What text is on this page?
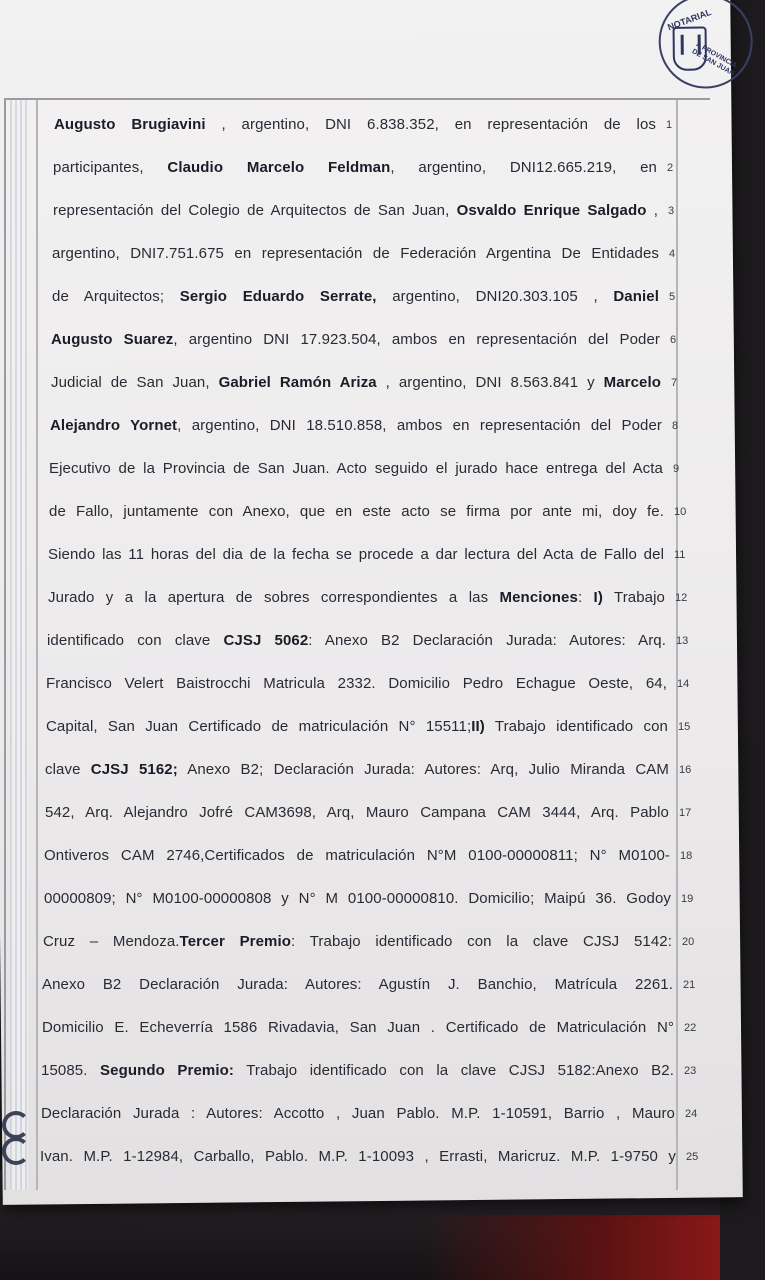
NOTARIAL
A PROVINCIA DE SAN JUAN
Augusto Brugiavini , argentino, DNI 6.838.352, en representación de los 1
participantes, Claudio Marcelo Feldman, argentino, DNI12.665.219, en 2
representación del Colegio de Arquitectos de San Juan, Osvaldo Enrique Salgado , 3
argentino, DNI7.751.675 en representación de Federación Argentina De Entidades 4
de Arquitectos; Sergio Eduardo Serrate, argentino, DNI20.303.105 , Daniel 5
Augusto Suarez, argentino DNI 17.923.504, ambos en representación del Poder 6
Judicial de San Juan, Gabriel Ramón Ariza , argentino, DNI 8.563.841 y Marcelo 7
Alejandro Yornet, argentino, DNI 18.510.858, ambos en representación del Poder 8
Ejecutivo de la Provincia de San Juan. Acto seguido el jurado hace entrega del Acta 9
de Fallo, juntamente con Anexo, que en este acto se firma por ante mi, doy fe. 10
Siendo las 11 horas del dia de la fecha se procede a dar lectura del Acta de Fallo del 11
Jurado y a la apertura de sobres correspondientes a las Menciones: I) Trabajo 12
identificado con clave CJSJ 5062: Anexo B2 Declaración Jurada: Autores: Arq. 13
Francisco Velert Baistrocchi Matricula 2332. Domicilio Pedro Echague Oeste, 64, 14
Capital, San Juan Certificado de matriculación N° 15511;II) Trabajo identificado con 15
clave CJSJ 5162; Anexo B2; Declaración Jurada: Autores: Arq, Julio Miranda CAM 16
542, Arq. Alejandro Jofré CAM3698, Arq, Mauro Campana CAM 3444, Arq. Pablo 17
Ontiveros CAM 2746,Certificados de matriculación N°M 0100-00000811; N° M0100- 18
00000809; N° M0100-00000808 y N° M 0100-00000810. Domicilio; Maipú 36. Godoy 19
Cruz – Mendoza.Tercer Premio: Trabajo identificado con la clave CJSJ 5142: 20
Anexo B2 Declaración Jurada: Autores: Agustín J. Banchio, Matrícula 2261. 21
Domicilio E. Echeverría 1586 Rivadavia, San Juan . Certificado de Matriculación N° 22
15085. Segundo Premio: Trabajo identificado con la clave CJSJ 5182:Anexo B2. 23
Declaración Jurada : Autores: Accotto , Juan Pablo. M.P. 1-10591, Barrio , Mauro 24
Ivan. M.P. 1-12984, Carballo, Pablo. M.P. 1-10093 , Errasti, Maricruz. M.P. 1-9750 y 25
